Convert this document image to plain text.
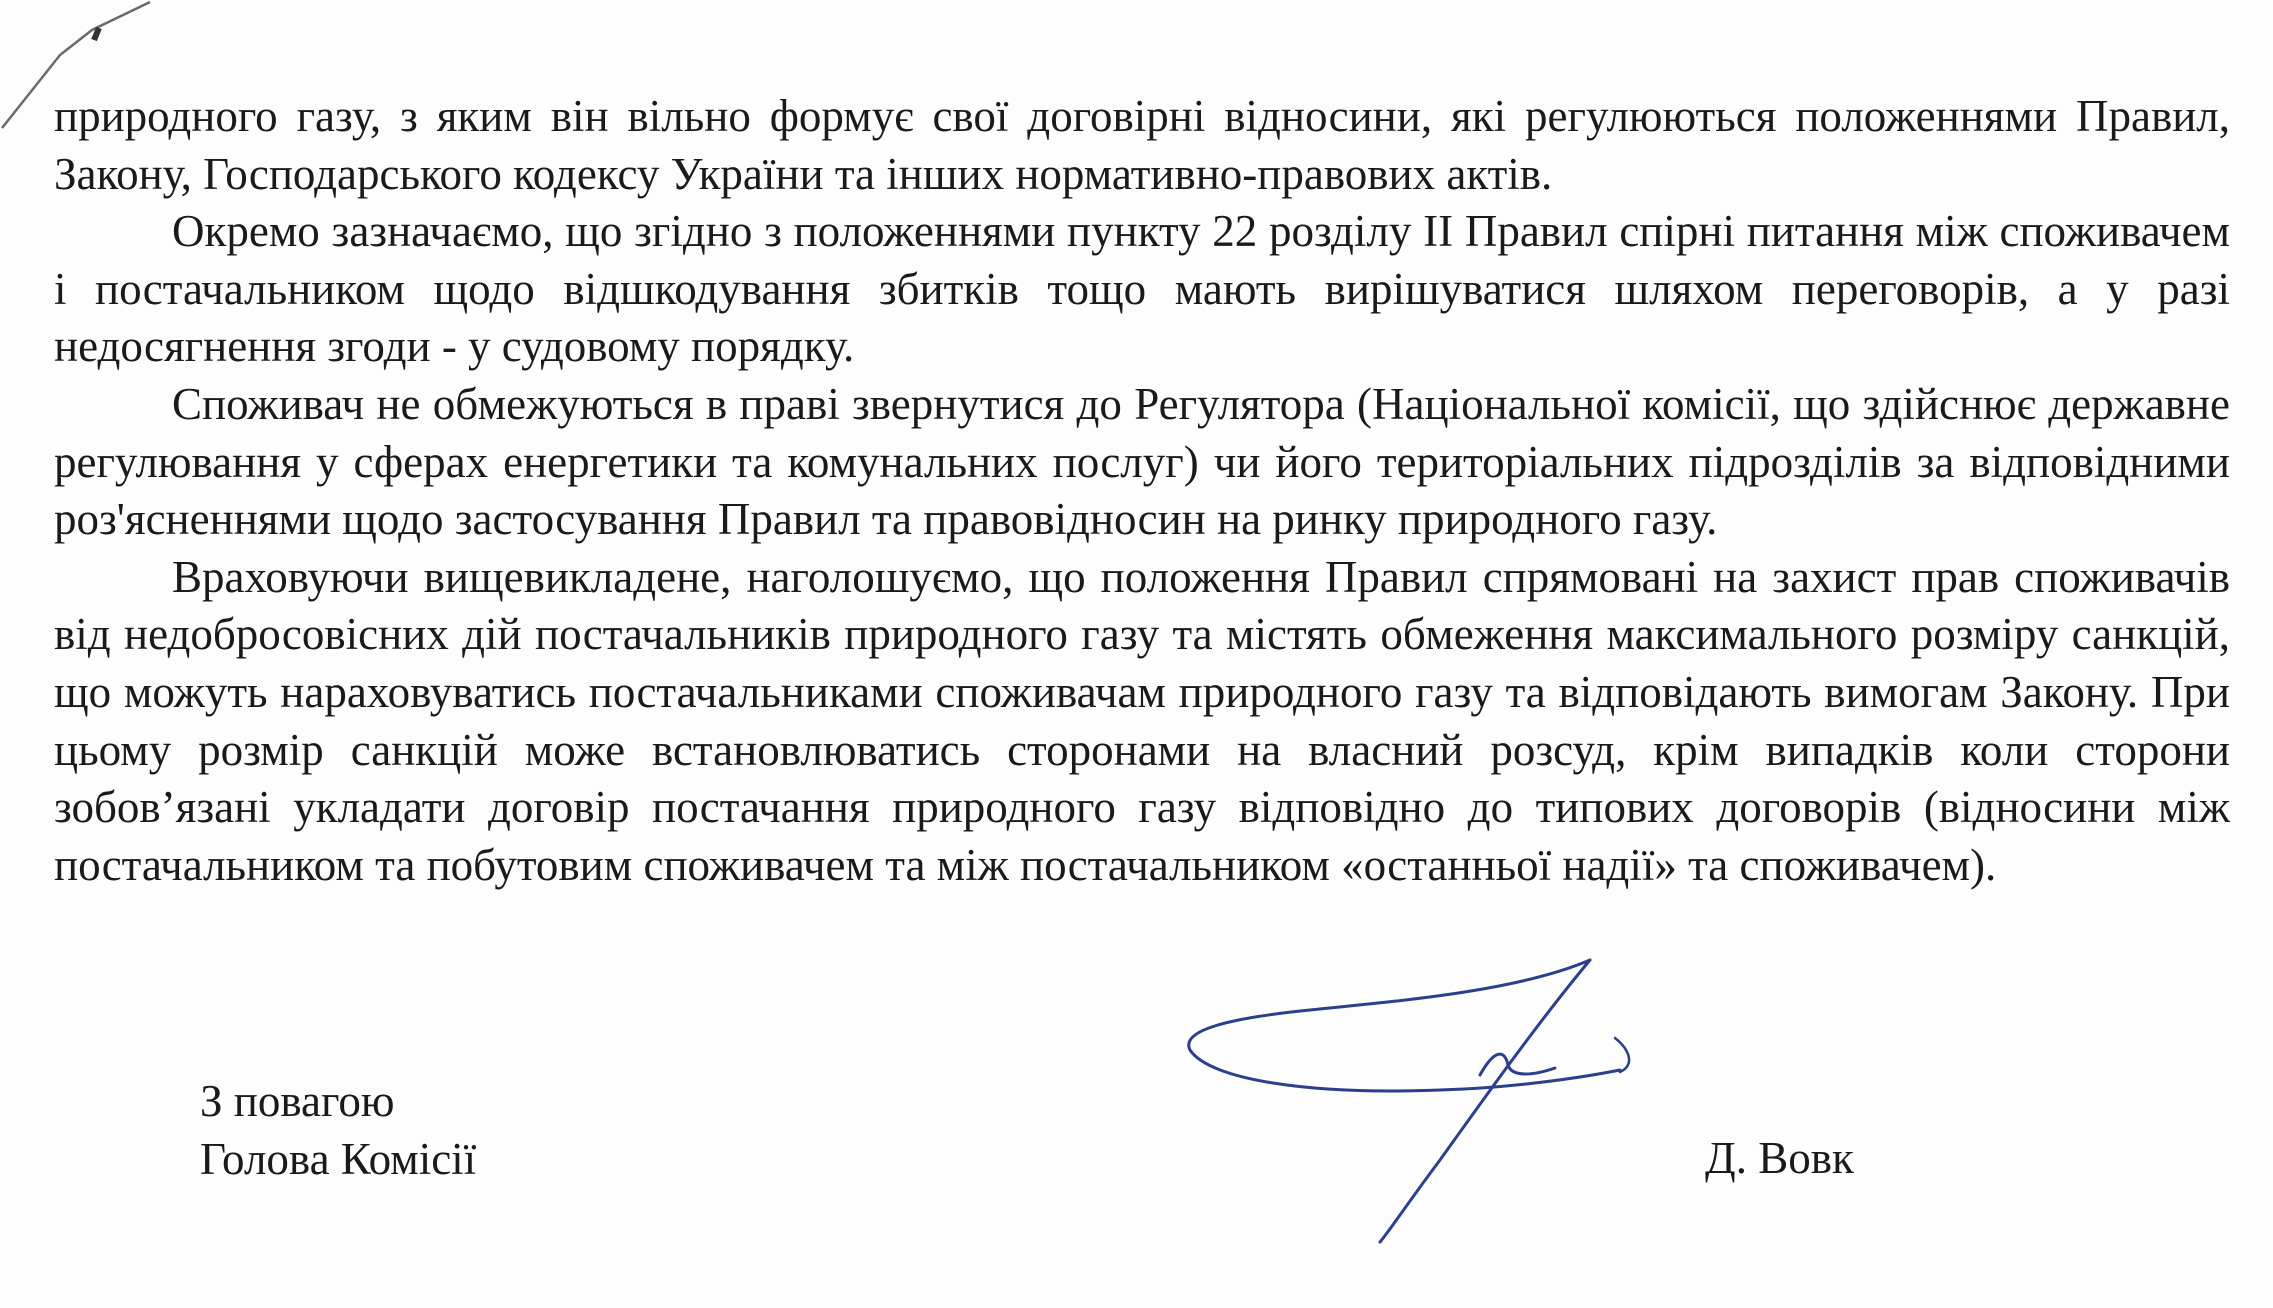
природного газу, з яким він вільно формує свої договірні відносини, які регулюються положеннями Правил, Закону, Господарського кодексу України та інших нормативно-правових актів.

Окремо зазначаємо, що згідно з положеннями пункту 22 розділу ІІ Правил спірні питання між споживачем і постачальником щодо відшкодування збитків тощо мають вирішуватися шляхом переговорів, а у разі недосягнення згоди - у судовому порядку.

Споживач не обмежуються в праві звернутися до Регулятора (Національної комісії, що здійснює державне регулювання у сферах енергетики та комунальних послуг) чи його територіальних підрозділів за відповідними роз'ясненнями щодо застосування Правил та правовідносин на ринку природного газу.

Враховуючи вищевикладене, наголошуємо, що положення Правил спрямовані на захист прав споживачів від недобросовісних дій постачальників природного газу та містять обмеження максимального розміру санкцій, що можуть нараховуватись постачальниками споживачам природного газу та відповідають вимогам Закону. При цьому розмір санкцій може встановлюватись сторонами на власний розсуд, крім випадків коли сторони зобов’язані укладати договір постачання природного газу відповідно до типових договорів (відносини між постачальником та побутовим споживачем та між постачальником «останньої надії» та споживачем).

З повагою
Голова Комісії	Д. Вовк
